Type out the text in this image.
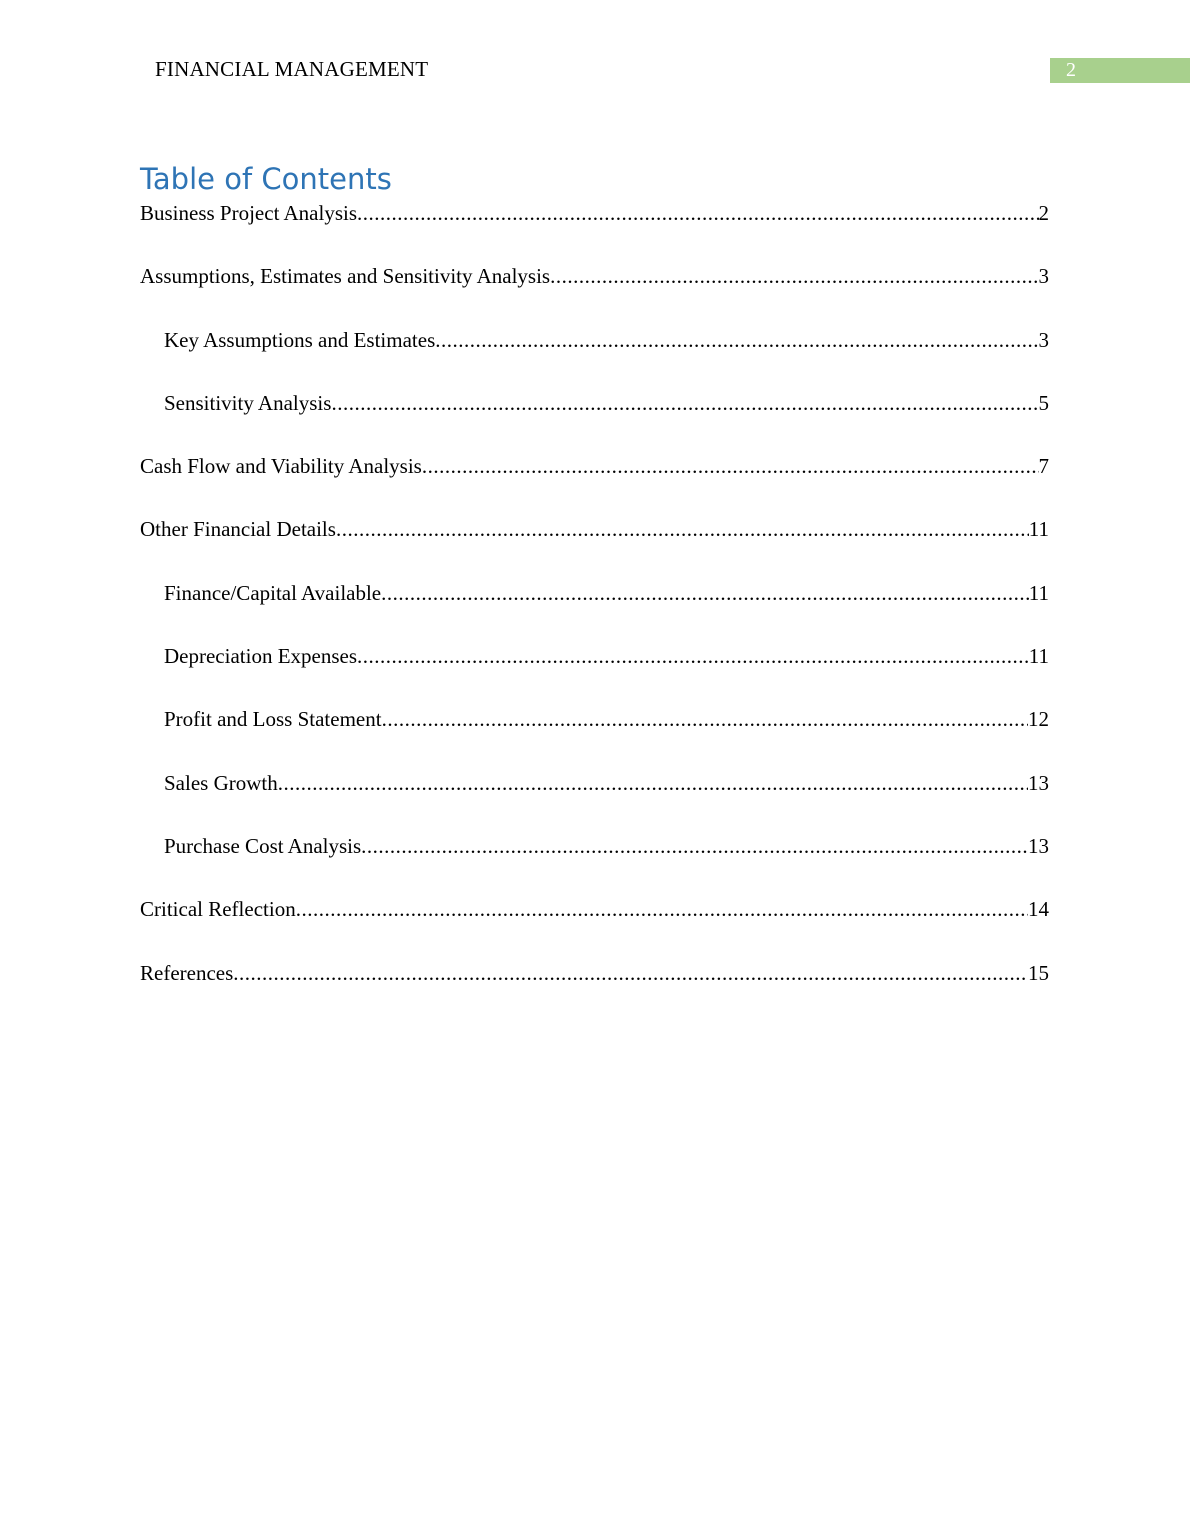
FINANCIAL MANAGEMENT	2
Table of Contents
Business Project Analysis .....	2
Assumptions, Estimates and Sensitivity Analysis .....	3
Key Assumptions and Estimates .....	3
Sensitivity Analysis .....	5
Cash Flow and Viability Analysis .....	7
Other Financial Details .....	11
Finance/Capital Available .....	11
Depreciation Expenses .....	11
Profit and Loss Statement .....	12
Sales Growth .....	13
Purchase Cost Analysis .....	13
Critical Reflection .....	14
References .....	15
